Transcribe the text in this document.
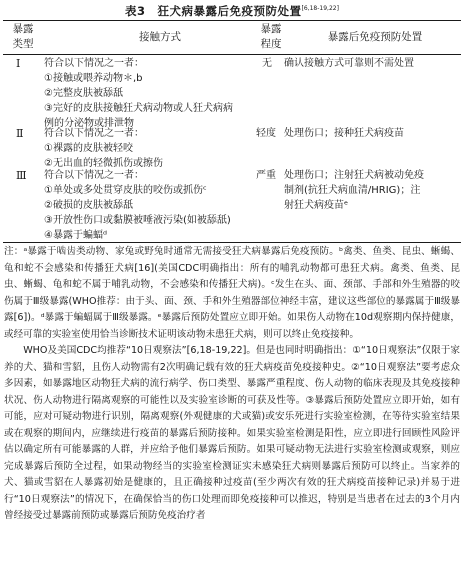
表3　狂犬病暴露后免疫预防处置[6,18-19,22]
暴露
类型
接触方式
暴露
程度
暴露后免疫预防处置
Ⅰ 符合以下情况之一者：
①接触或喂养动物＊,b
②完整皮肤被舔舐
③完好的皮肤接触狂犬病动物或人狂犬病病
例的分泌物或排泄物
无 确认接触方式可靠则不需处置
Ⅱ 符合以下情况之一者：
①裸露的皮肤被轻咬
②无出血的轻微抓伤或擦伤
轻度 处理伤口；接种狂犬病疫苗
Ⅲ 符合以下情况之一者：
①单处或多处贯穿皮肤的咬伤或抓伤ᶜ
②破损的皮肤被舔舐
③开放性伤口或黏膜被唾液污染(如被舔舐)
④暴露于蝙蝠ᵈ
严重 处理伤口；注射狂犬病被动免疫
制剂(抗狂犬病血清/HRIG)；注
射狂犬病疫苗ᵉ

注：ᵃ暴露于啮齿类动物、家兔或野兔时通常无需接受狂犬病暴露后免疫预防。ᵇ禽类、鱼类、昆虫、蜥蝎、龟和蛇不会感染和传播狂犬病[16](美国CDC明确指出：所有的哺乳动物都可患狂犬病。禽类、鱼类、昆虫、蜥蝎、龟和蛇不属于哺乳动物，不会感染和传播狂犬病)。ᶜ发生在头、面、颈部、手部和外生殖器的咬伤属于Ⅲ级暴露(WHO推荐：由于头、面、颈、手和外生殖器部位神经丰富，建议这些部位的暴露属于Ⅲ级暴露[6])。ᵈ暴露于蝙蝠属于Ⅲ级暴露。ᵉ暴露后预防处置应立即开始。如果伤人动物在10d观察期内保持健康，或经可靠的实验室使用恰当诊断技术证明该动物未患狂犬病，则可以终止免疫接种。

WHO及美国CDC均推荐“10日观察法”[6,18-19,22]。但是也同时明确指出：①“10日观察法”仅限于家养的犬、猫和雪貂，且伤人动物需有2次明确记载有效的狂犬病疫苗免疫接种史。②“10日观察法”要考虑众多因素，如暴露地区动物狂犬病的流行病学、伤口类型、暴露严重程度、伤人动物的临床表现及其免疫接种状况、伤人动物进行隔离观察的可能性以及实验室诊断的可获及性等。③暴露后预防处置应立即开始，如有可能，应对可疑动物进行识别，隔离观察(外观健康的犬或猫)或安乐死进行实验室检测，在等待实验室结果或在观察的期间内，应继续进行疫苗的暴露后预防接种。如果实验室检测是阳性，应立即进行回顾性风险评估以确定所有可能暴露的人群，并应给予他们暴露后预防。如果可疑动物无法进行实验室检测或观察，则应完成暴露后预防全过程，如果动物经当的实验室检测证实未感染狂犬病则暴露后预防可以终止。当家养的犬、猫或雪貂在人暴露初始是健康的，且正确接种过疫苗(至少两次有效的狂犬病疫苗接种记录)并易于进行“10日观察法”的情况下，在确保恰当的伤口处理而即免疫接种可以推迟，特别是当患者在过去的3个月内曾经接受过暴露前预防或暴露后预防免疫治疗者
